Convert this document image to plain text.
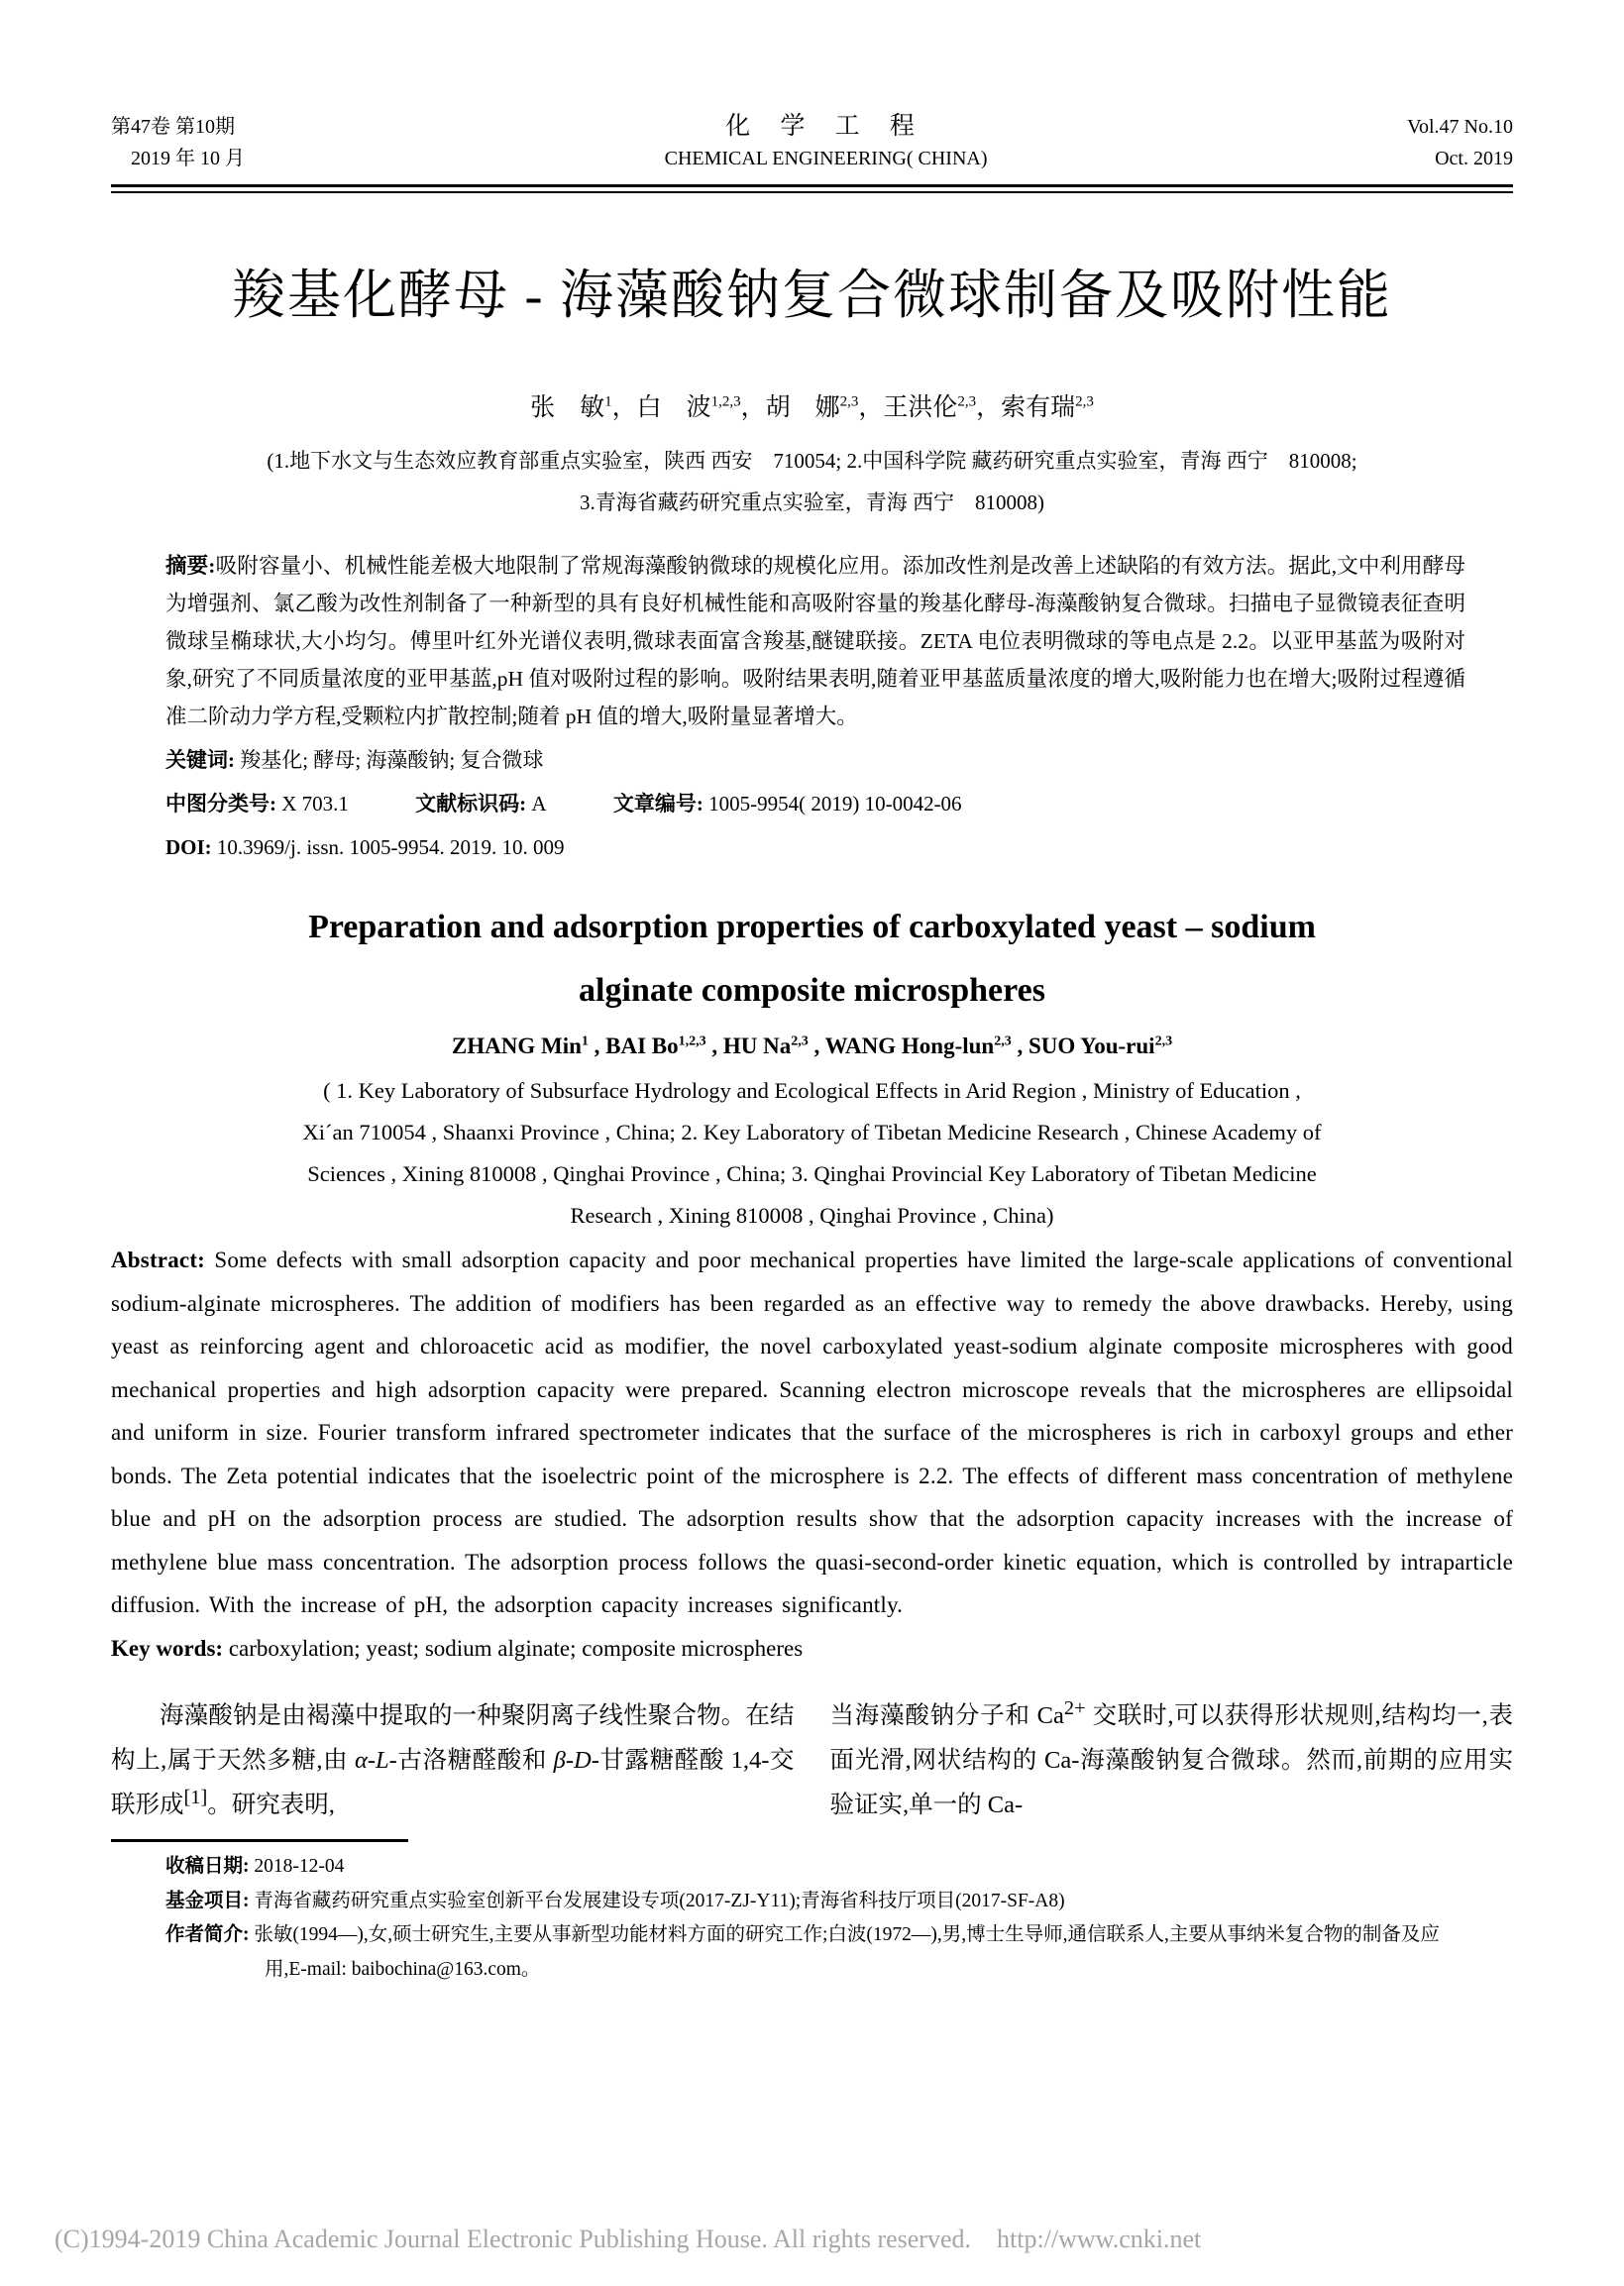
第47卷 第10期
2019 年 10 月
化 学 工 程
CHEMICAL ENGINEERING( CHINA)
Vol.47 No.10
Oct. 2019
羧基化酵母 - 海藻酸钠复合微球制备及吸附性能
张　敏$^1$，白　波$^{1,2,3}$，胡　娜$^{2,3}$，王洪伦$^{2,3}$，索有瑞$^{2,3}$
(1.地下水文与生态效应教育部重点实验室，陕西 西安　710054; 2.中国科学院 藏药研究重点实验室，青海 西宁　810008;
3.青海省藏药研究重点实验室，青海 西宁　810008)
摘要:吸附容量小、机械性能差极大地限制了常规海藻酸钠微球的规模化应用。添加改性剂是改善上述缺陷的有效方法。据此,文中利用酵母为增强剂、氯乙酸为改性剂制备了一种新型的具有良好机械性能和高吸附容量的羧基化酵母-海藻酸钠复合微球。扫描电子显微镜表征查明微球呈椭球状,大小均匀。傅里叶红外光谱仪表明,微球表面富含羧基,醚键联接。ZETA 电位表明微球的等电点是 2.2。以亚甲基蓝为吸附对象,研究了不同质量浓度的亚甲基蓝,pH 值对吸附过程的影响。吸附结果表明,随着亚甲基蓝质量浓度的增大,吸附能力也在增大;吸附过程遵循准二阶动力学方程,受颗粒内扩散控制;随着 pH 值的增大,吸附量显著增大。
关键词: 羧基化; 酵母; 海藻酸钠; 复合微球
中图分类号: X 703.1	文献标识码: A	文章编号: 1005-9954( 2019) 10-0042-06
DOI: 10.3969/j. issn. 1005-9954. 2019. 10. 009
Preparation and adsorption properties of carboxylated yeast – sodium
alginate composite microspheres
ZHANG Min$^1$ , BAI Bo$^{1,2,3}$ , HU Na$^{2,3}$ , WANG Hong-lun$^{2,3}$ , SUO You-rui$^{2,3}$
( 1. Key Laboratory of Subsurface Hydrology and Ecological Effects in Arid Region , Ministry of Education ,
Xi´an 710054 , Shaanxi Province , China; 2. Key Laboratory of Tibetan Medicine Research , Chinese Academy of
Sciences , Xining 810008 , Qinghai Province , China; 3. Qinghai Provincial Key Laboratory of Tibetan Medicine
Research , Xining 810008 , Qinghai Province , China)
Abstract: Some defects with small adsorption capacity and poor mechanical properties have limited the large-scale applications of conventional sodium-alginate microspheres. The addition of modifiers has been regarded as an effective way to remedy the above drawbacks. Hereby, using yeast as reinforcing agent and chloroacetic acid as modifier, the novel carboxylated yeast-sodium alginate composite microspheres with good mechanical properties and high adsorption capacity were prepared. Scanning electron microscope reveals that the microspheres are ellipsoidal and uniform in size. Fourier transform infrared spectrometer indicates that the surface of the microspheres is rich in carboxyl groups and ether bonds. The Zeta potential indicates that the isoelectric point of the microsphere is 2.2. The effects of different mass concentration of methylene blue and pH on the adsorption process are studied. The adsorption results show that the adsorption capacity increases with the increase of methylene blue mass concentration. The adsorption process follows the quasi-second-order kinetic equation, which is controlled by intraparticle diffusion. With the increase of pH, the adsorption capacity increases significantly.
Key words: carboxylation; yeast; sodium alginate; composite microspheres

海藻酸钠是由褐藻中提取的一种聚阴离子线性聚合物。在结构上,属于天然多糖,由 α-L-古洛糖醛酸和 β-D-甘露糖醛酸 1,4-交联形成[1]。研究表明,

当海藻酸钠分子和 $Ca^{2+}$ 交联时,可以获得形状规则,结构均一,表面光滑,网状结构的 Ca-海藻酸钠复合微球。然而,前期的应用实验证实,单一的 Ca-

收稿日期: 2018-12-04
基金项目: 青海省藏药研究重点实验室创新平台发展建设专项(2017-ZJ-Y11);青海省科技厅项目(2017-SF-A8)
作者简介: 张敏(1994—),女,硕士研究生,主要从事新型功能材料方面的研究工作;白波(1972—),男,博士生导师,通信联系人,主要从事纳米复合物的制备及应用,E-mail: baibochina@163.com。
(C)1994-2019 China Academic Journal Electronic Publishing House. All rights reserved.    http://www.cnki.net
